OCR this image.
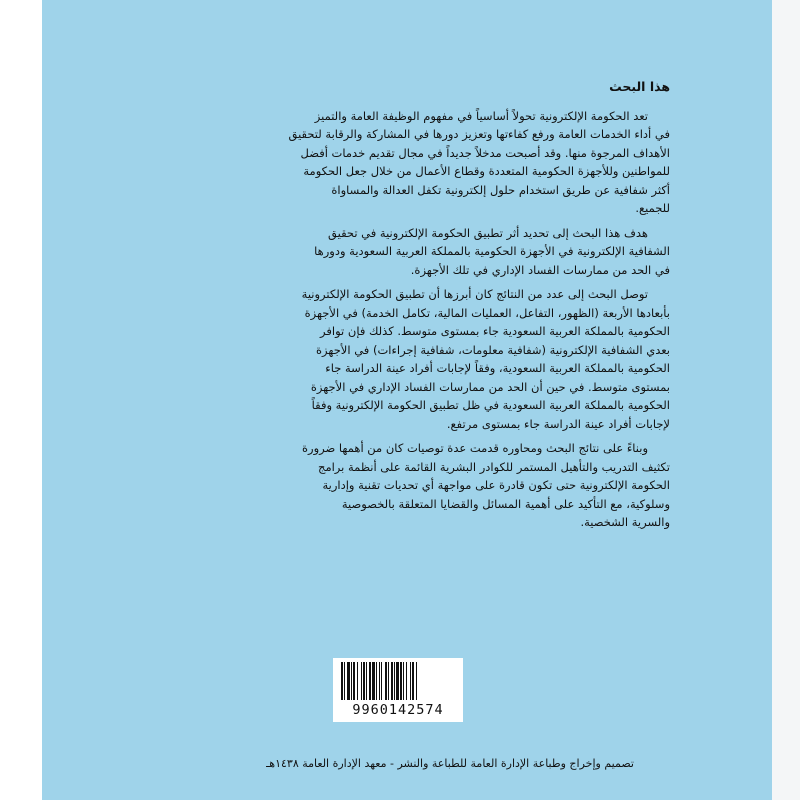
هذا البحث

تعد الحكومة الإلكترونية تحولاً أساسياً في مفهوم الوظيفة العامة والتميز

في أداء الخدمات العامة ورفع كفاءتها وتعزيز دورها في المشاركة والرقابة لتحقيق

الأهداف المرجوة منها. وقد أصبحت مدخلاً جديداً في مجال تقديم خدمات أفضل

للمواطنين وللأجهزة الحكومية المتعددة وقطاع الأعمال من خلال جعل الحكومة

أكثر شفافية عن طريق استخدام حلول إلكترونية تكفل العدالة والمساواة

للجميع.

هدف هذا البحث إلى تحديد أثر تطبيق الحكومة الإلكترونية في تحقيق

الشفافية الإلكترونية في الأجهزة الحكومية بالمملكة العربية السعودية ودورها

في الحد من ممارسات الفساد الإداري في تلك الأجهزة.

توصل البحث إلى عدد من النتائج كان أبرزها أن تطبيق الحكومة الإلكترونية

بأبعادها الأربعة (الظهور، التفاعل، العمليات المالية، تكامل الخدمة) في الأجهزة

الحكومية بالمملكة العربية السعودية جاء بمستوى متوسط. كذلك فإن توافر

بعدي الشفافية الإلكترونية (شفافية معلومات، شفافية إجراءات) في الأجهزة

الحكومية بالمملكة العربية السعودية، وفقاً لإجابات أفراد عينة الدراسة جاء

بمستوى متوسط. في حين أن الحد من ممارسات الفساد الإداري في الأجهزة

الحكومية بالمملكة العربية السعودية في ظل تطبيق الحكومة الإلكترونية وفقاً

لإجابات أفراد عينة الدراسة جاء بمستوى مرتفع.

وبناءً على نتائج البحث ومحاوره قدمت عدة توصيات كان من أهمها ضرورة

تكثيف التدريب والتأهيل المستمر للكوادر البشرية القائمة على أنظمة برامج

الحكومة الإلكترونية حتى تكون قادرة على مواجهة أي تحديات تقنية وإدارية

وسلوكية، مع التأكيد على أهمية المسائل والقضايا المتعلقة بالخصوصية

والسرية الشخصية.

9960142574
تصميم وإخراج وطباعة الإدارة العامة للطباعة والنشر - معهد الإدارة العامة ١٤٣٨هـ
